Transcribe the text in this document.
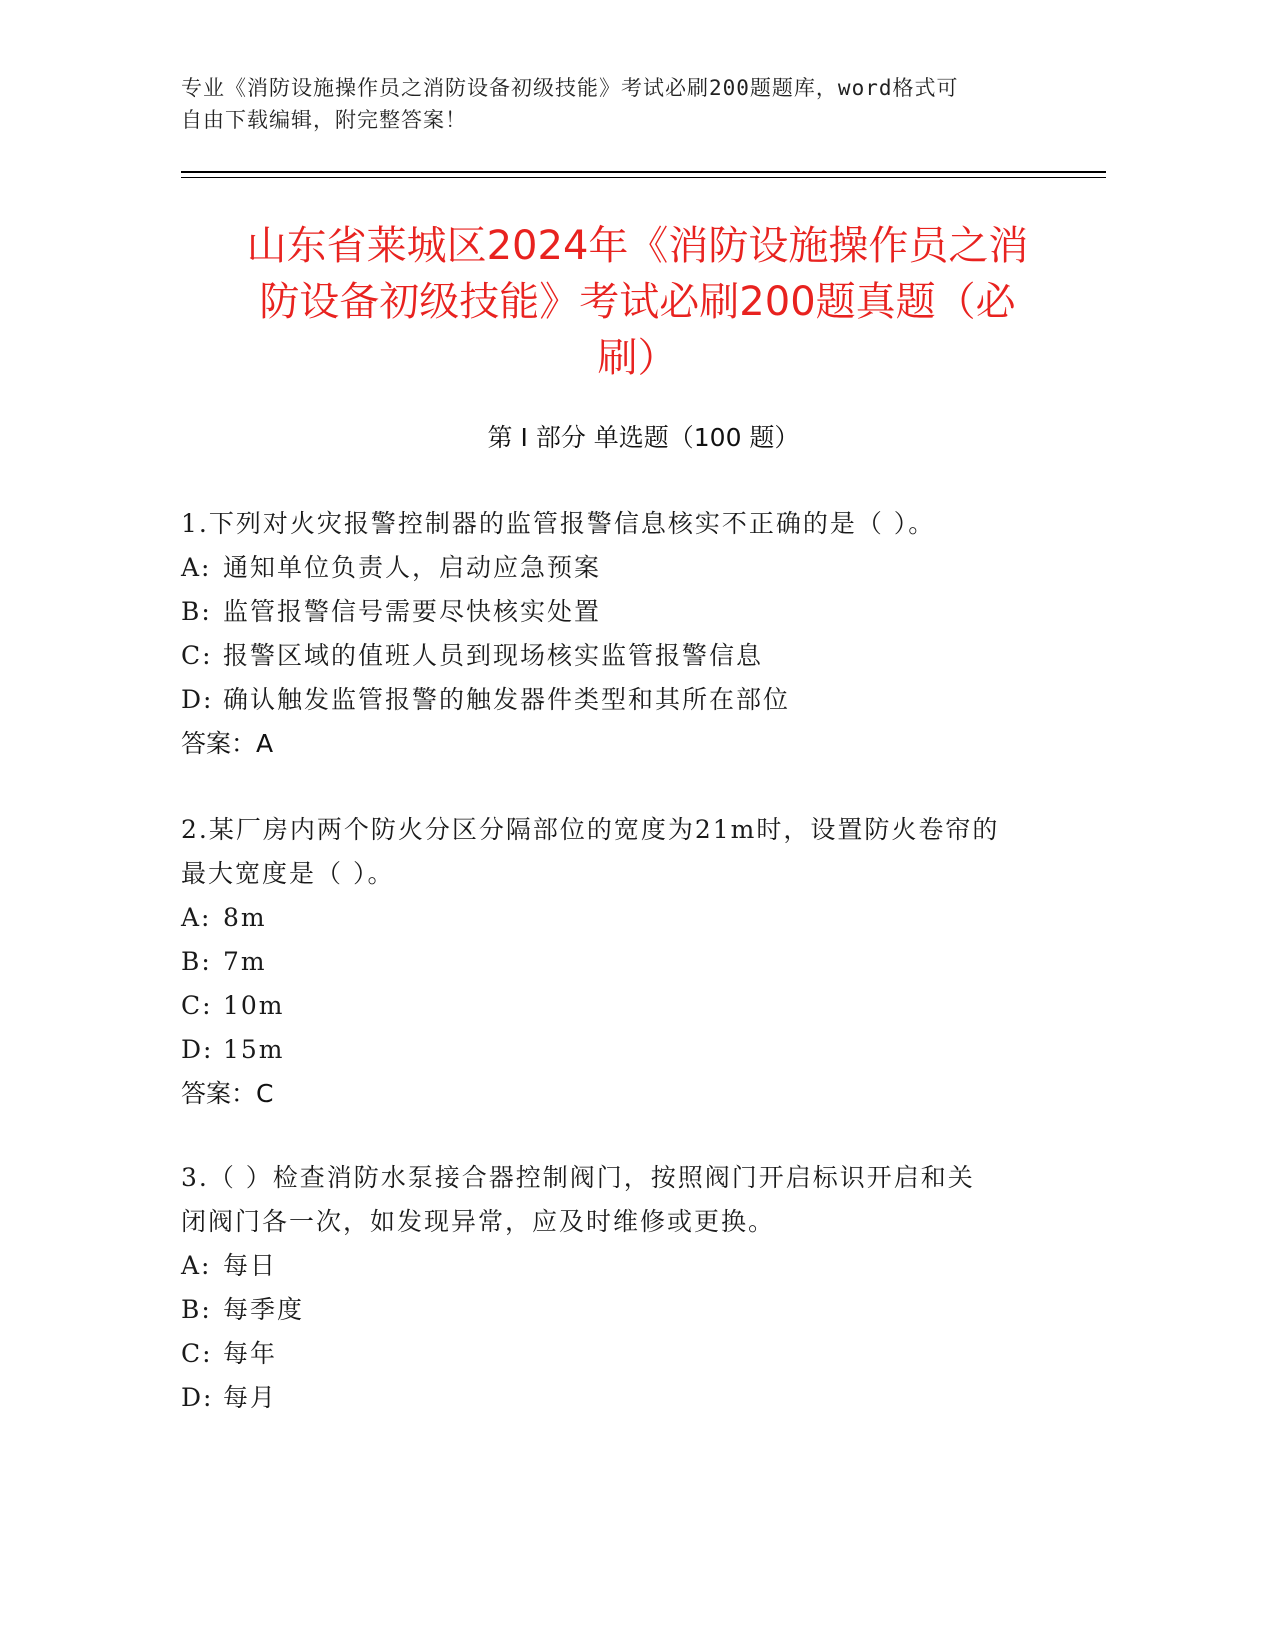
专业《消防设施操作员之消防设备初级技能》考试必刷200题题库，word格式可
自由下载编辑，附完整答案！
山东省莱城区2024年《消防设施操作员之消
防设备初级技能》考试必刷200题真题（必
刷）
第 I 部分 单选题（100 题）
1.下列对火灾报警控制器的监管报警信息核实不正确的是（ ）。
A: 通知单位负责人，启动应急预案
B: 监管报警信号需要尽快核实处置
C: 报警区域的值班人员到现场核实监管报警信息
D: 确认触发监管报警的触发器件类型和其所在部位
答案：A
2.某厂房内两个防火分区分隔部位的宽度为21m时，设置防火卷帘的
最大宽度是（ ）。
A: 8m
B: 7m
C: 10m
D: 15m
答案：C
3.（ ）检查消防水泵接合器控制阀门，按照阀门开启标识开启和关
闭阀门各一次，如发现异常，应及时维修或更换。
A: 每日
B: 每季度
C: 每年
D: 每月
